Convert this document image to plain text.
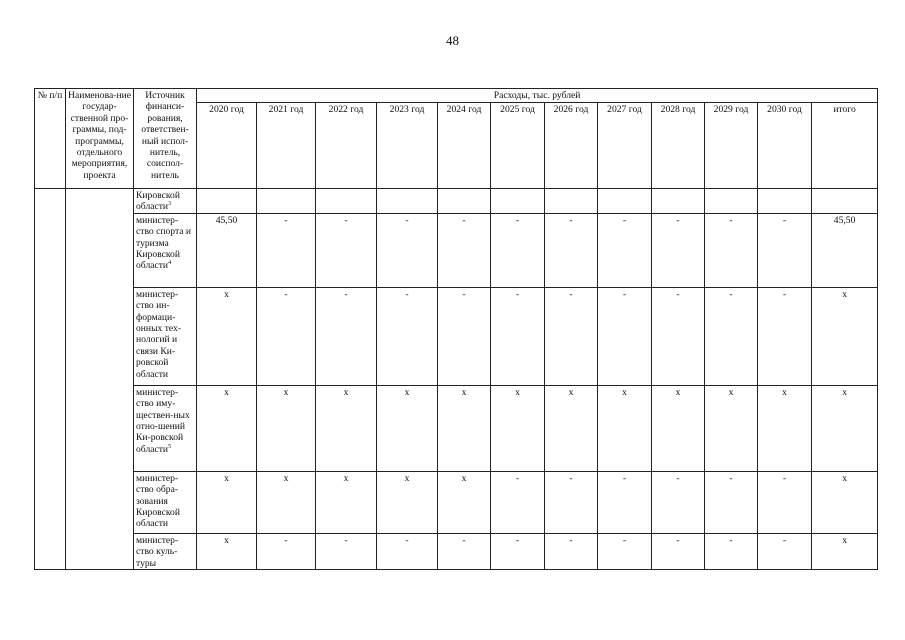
48
№ п/п	Наименова-ние государ-ственной про-граммы, под-программы, отдельного мероприятия, проекта	Источник финанси-рования, ответствен-ный испол-нитель, соиспол-нитель	Расходы, тыс. рублей											
			2020 год	2021 год	2022 год	2023 год	2024 год	2025 год	2026 год	2027 год	2028 год	2029 год	2030 год	итого
		Кировской области$^3$												
		министер-ство спорта и туризма Кировской области$^4$	45,50	-	-	-	-	-	-	-	-	-	-	45,50
		министер-ство ин-формаци-онных тех-нологий и связи Ки-ровской области	х	-	-	-	-	-	-	-	-	-	-	х
		министер-ство иму-ществен-ных отно-шений Ки-ровской области$^5$	х	х	х	х	х	х	х	х	х	х	х	х
		министер-ство обра-зования Кировской области	х	х	х	х	х	-	-	-	-	-	-	х
		министер-ство куль-туры	х	-	-	-	-	-	-	-	-	-	-	х
